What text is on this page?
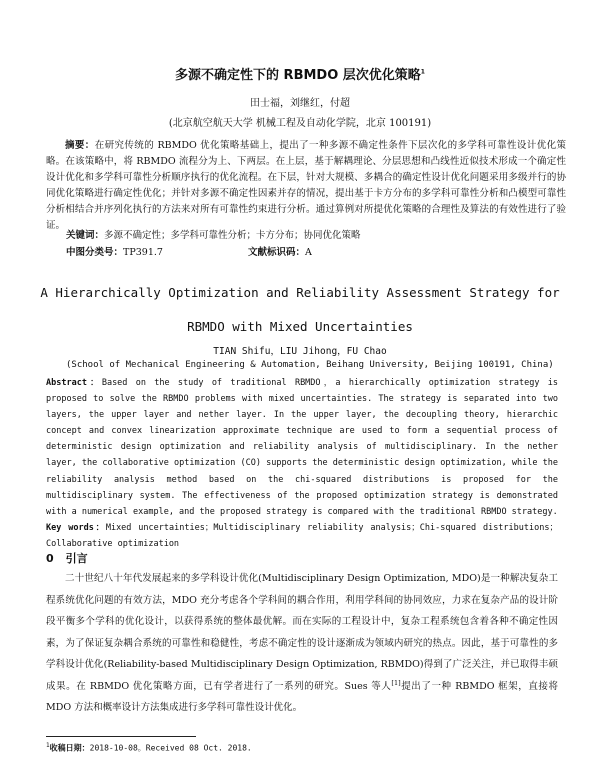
多源不确定性下的 RBMDO 层次优化策略$^1$
田士福，刘继红，付超
(北京航空航天大学 机械工程及自动化学院，北京 100191)
摘要：在研究传统的 RBMDO 优化策略基础上，提出了一种多源不确定性条件下层次化的多学科可靠性设计优化策略。在该策略中，将 RBMDO 流程分为上、下两层。在上层，基于解耦理论、分层思想和凸线性近似技术形成一个确定性设计优化和多学科可靠性分析顺序执行的优化流程。在下层，针对大规模、多耦合的确定性设计优化问题采用多级并行的协同优化策略进行确定性优化；并针对多源不确定性因素并存的情况，提出基于卡方分布的多学科可靠性分析和凸模型可靠性分析相结合并序列化执行的方法来对所有可靠性约束进行分析。通过算例对所提优化策略的合理性及算法的有效性进行了验证。
关键词：多源不确定性；多学科可靠性分析；卡方分布；协同优化策略
中图分类号：TP391.7	文献标识码：A
A Hierarchically Optimization and Reliability Assessment Strategy for RBMDO with Mixed Uncertainties
TIAN Shifu，LIU Jihong，FU Chao
(School of Mechanical Engineering & Automation, Beihang University, Beijing 100191, China)
Abstract：Based on the study of traditional RBMDO，a hierarchically optimization strategy is proposed to solve the RBMDO problems with mixed uncertainties. The strategy is separated into two layers, the upper layer and nether layer. In the upper layer, the decoupling theory, hierarchic concept and convex linearization approximate technique are used to form a sequential process of deterministic design optimization and reliability analysis of multidisciplinary. In the nether layer, the collaborative optimization (CO) supports the deterministic design optimization, while the reliability analysis method based on the chi-squared distributions is proposed for the multidisciplinary system. The effectiveness of the proposed optimization strategy is demonstrated with a numerical example, and the proposed strategy is compared with the traditional RBMDO strategy.
Key words：Mixed uncertainties；Multidisciplinary reliability analysis；Chi-squared distributions；Collaborative optimization
0 引言
二十世纪八十年代发展起来的多学科设计优化(Multidisciplinary Design Optimization, MDO)是一种解决复杂工程系统优化问题的有效方法，MDO 充分考虑各个学科间的耦合作用，利用学科间的协同效应，力求在复杂产品的设计阶段平衡多个学科的优化设计，以获得系统的整体最优解。而在实际的工程设计中，复杂工程系统包含着各种不确定性因素，为了保证复杂耦合系统的可靠性和稳健性，考虑不确定性的设计逐渐成为领域内研究的热点。因此，基于可靠性的多学科设计优化(Reliability-based Multidisciplinary Design Optimization, RBMDO)得到了广泛关注，并已取得丰硕成果。在 RBMDO 优化策略方面，已有学者进行了一系列的研究。Sues 等人[1]提出了一种 RBMDO 框架，直接将 MDO 方法和概率设计方法集成进行多学科可靠性设计优化。
$^1$收稿日期：2018-10-08。Received 08 Oct. 2018.
